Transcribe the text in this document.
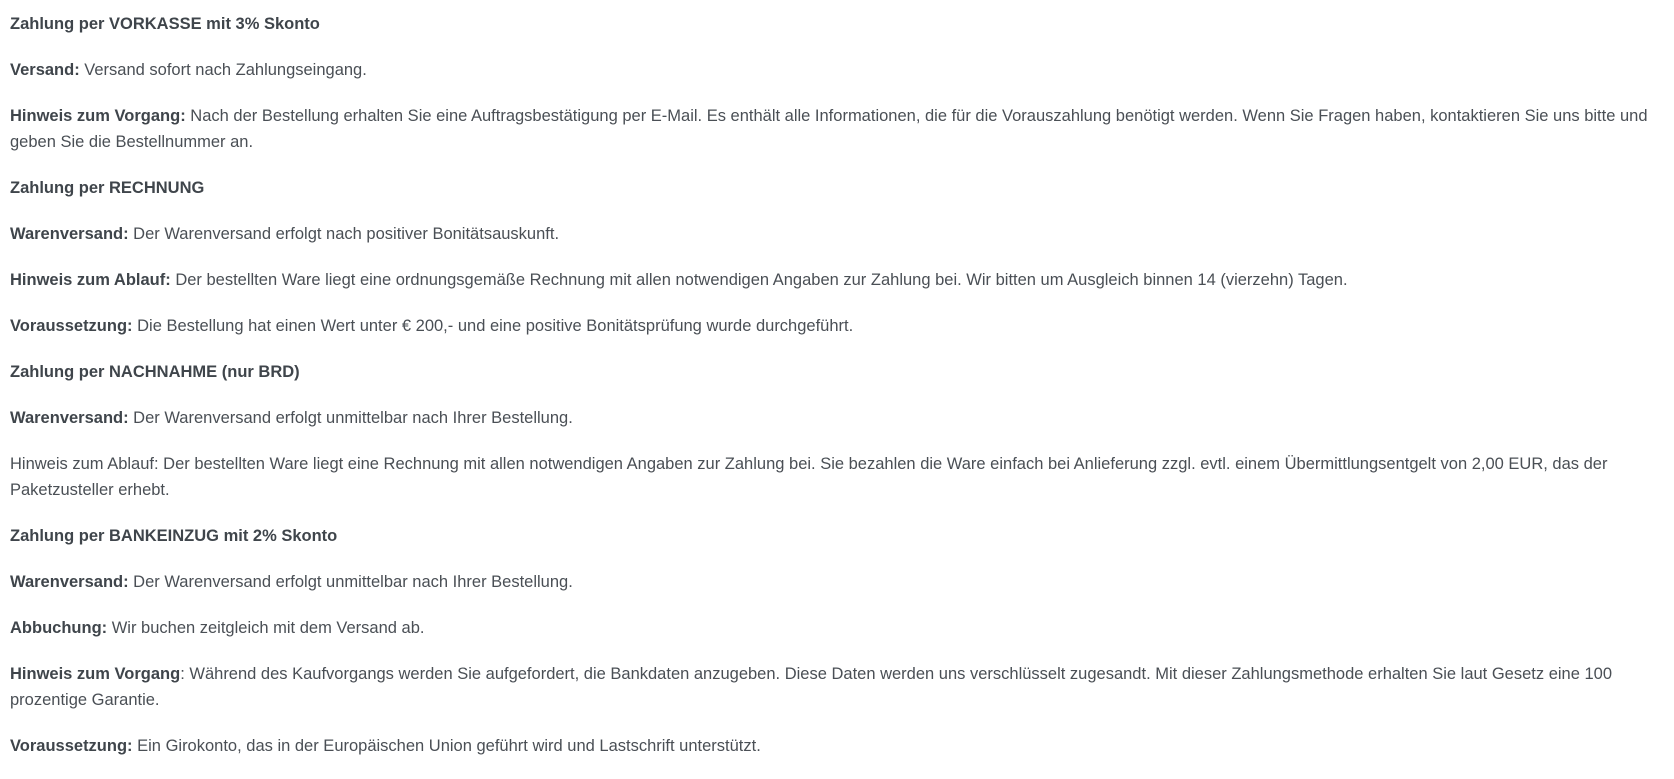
Zahlung per VORKASSE mit 3% Skonto

Versand: Versand sofort nach Zahlungseingang.

Hinweis zum Vorgang: Nach der Bestellung erhalten Sie eine Auftragsbestätigung per E-Mail. Es enthält alle Informationen, die für die Vorauszahlung benötigt werden. Wenn Sie Fragen haben, kontaktieren Sie uns bitte und geben Sie die Bestellnummer an.

Zahlung per RECHNUNG

Warenversand: Der Warenversand erfolgt nach positiver Bonitätsauskunft.

Hinweis zum Ablauf: Der bestellten Ware liegt eine ordnungsgemäße Rechnung mit allen notwendigen Angaben zur Zahlung bei. Wir bitten um Ausgleich binnen 14 (vierzehn) Tagen.

Voraussetzung: Die Bestellung hat einen Wert unter € 200,- und eine positive Bonitätsprüfung wurde durchgeführt.

Zahlung per NACHNAHME (nur BRD)

Warenversand: Der Warenversand erfolgt unmittelbar nach Ihrer Bestellung.

Hinweis zum Ablauf: Der bestellten Ware liegt eine Rechnung mit allen notwendigen Angaben zur Zahlung bei. Sie bezahlen die Ware einfach bei Anlieferung zzgl. evtl. einem Übermittlungsentgelt von 2,00 EUR, das der Paketzusteller erhebt.

Zahlung per BANKEINZUG mit 2% Skonto

Warenversand: Der Warenversand erfolgt unmittelbar nach Ihrer Bestellung.

Abbuchung: Wir buchen zeitgleich mit dem Versand ab.

Hinweis zum Vorgang: Während des Kaufvorgangs werden Sie aufgefordert, die Bankdaten anzugeben. Diese Daten werden uns verschlüsselt zugesandt. Mit dieser Zahlungsmethode erhalten Sie laut Gesetz eine 100 prozentige Garantie.

Voraussetzung: Ein Girokonto, das in der Europäischen Union geführt wird und Lastschrift unterstützt.
